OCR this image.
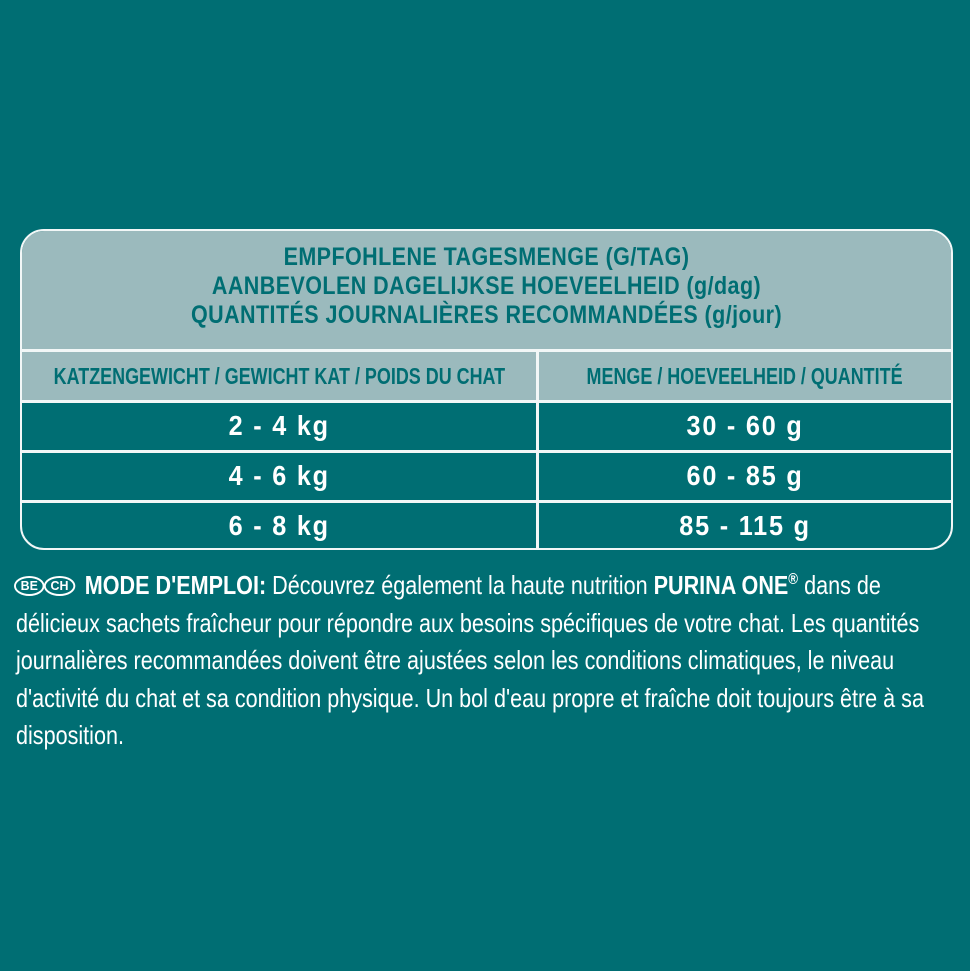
EMPFOHLENE TAGESMENGE (G/TAG)
AANBEVOLEN DAGELIJKSE HOEVEELHEID (g/dag)
QUANTITÉS JOURNALIÈRES RECOMMANDÉES (g/jour)
KATZENGEWICHT / GEWICHT KAT / POIDS DU CHAT	MENGE / HOEVEELHEID / QUANTITÉ
2 - 4 kg	30 - 60 g
4 - 6 kg	60 - 85 g
6 - 8 kg	85 - 115 g
BE CH MODE D'EMPLOI: Découvrez également la haute nutrition PURINA ONE® dans de délicieux sachets fraîcheur pour répondre aux besoins spécifiques de votre chat. Les quantités journalières recommandées doivent être ajustées selon les conditions climatiques, le niveau d'activité du chat et sa condition physique. Un bol d'eau propre et fraîche doit toujours être à sa disposition.
